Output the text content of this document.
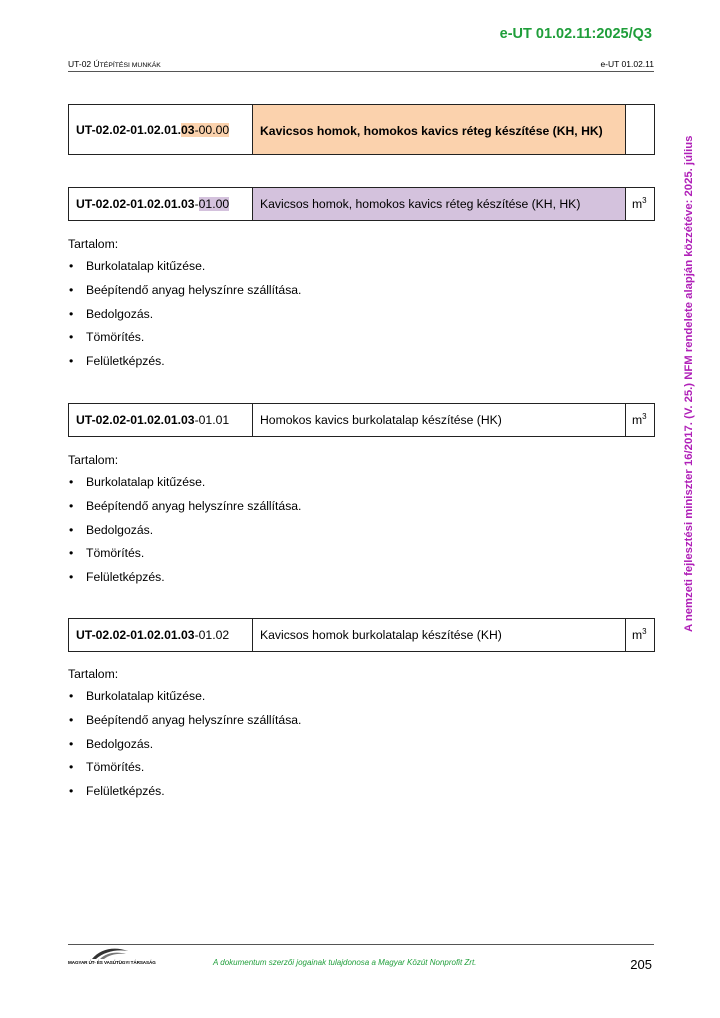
e-UT 01.02.11:2025/Q3
UT-02 ÚTÉPÍTÉSI MUNKÁK	e-UT 01.02.11
A nemzeti fejlesztési miniszter 16/2017. (V. 25.) NFM rendelete alapján közzétéve: 2025. július
UT-02.02-01.02.01.03-00.00	Kavicsos homok, homokos kavics réteg készítése (KH, HK)	
UT-02.02-01.02.01.03-01.00	Kavicsos homok, homokos kavics réteg készítése (KH, HK)	$m^3$
Tartalom:
• Burkolatalap kitűzése.
• Beépítendő anyag helyszínre szállítása.
• Bedolgozás.
• Tömörítés.
• Felületképzés.
UT-02.02-01.02.01.03-01.01	Homokos kavics burkolatalap készítése (HK)	$m^3$
Tartalom:
• Burkolatalap kitűzése.
• Beépítendő anyag helyszínre szállítása.
• Bedolgozás.
• Tömörítés.
• Felületképzés.
UT-02.02-01.02.01.03-01.02	Kavicsos homok burkolatalap készítése (KH)	$m^3$
Tartalom:
• Burkolatalap kitűzése.
• Beépítendő anyag helyszínre szállítása.
• Bedolgozás.
• Tömörítés.
• Felületképzés.
MAGYAR ÚT- ÉS VASÚTÜGYI TÁRSASÁG	A dokumentum szerzői jogainak tulajdonosa a Magyar Közút Nonprofit Zrt.	205
